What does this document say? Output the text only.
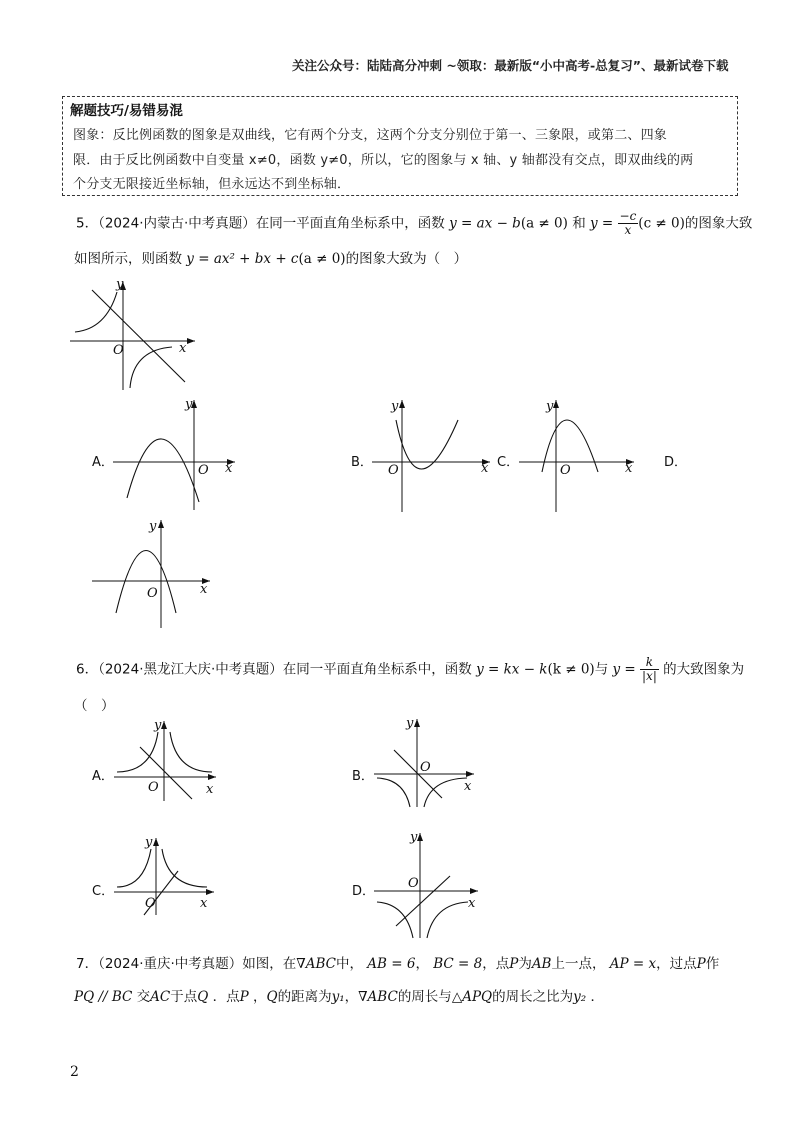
关注公众号：陆陆高分冲刺 ~领取：最新版“小中高考-总复习”、最新试卷下载
解题技巧/易错易混
图象：反比例函数的图象是双曲线，它有两个分支，这两个分支分别位于第一、三象限，或第二、四象
限．由于反比例函数中自变量 x≠0，函数 y≠0，所以，它的图象与 x 轴、y 轴都没有交点，即双曲线的两
个分支无限接近坐标轴，但永远达不到坐标轴．
5．（2024·内蒙古·中考真题）在同一平面直角坐标系中，函数 y = ax − b(a ≠ 0) 和 $y = \frac{-c}{x} (c \ne 0)$的图象大致
如图所示，则函数 y = ax² + bx + c(a ≠ 0)的图象大致为（　）
y
x
O
A．
y
x
O
B．
y
x
O
C．
y
x
O
D．
y
x
O
6．（2024·黑龙江大庆·中考真题）在同一平面直角坐标系中，函数 y = kx − k(k ≠ 0)与 $y = \frac{k}{|x|}$ 的大致图象为
（　）
A．
y
x
O
B．
y
x
O
C．
y
x
O
D．
y
x
O
7．（2024·重庆·中考真题）如图，在∇ABC中， AB = 6， BC = 8，点P为AB上一点， AP = x，过点P作
PQ // BC 交AC于点Q ．点P ，Q的距离为y₁，∇ABC的周长与△APQ的周长之比为y₂ ．
2
